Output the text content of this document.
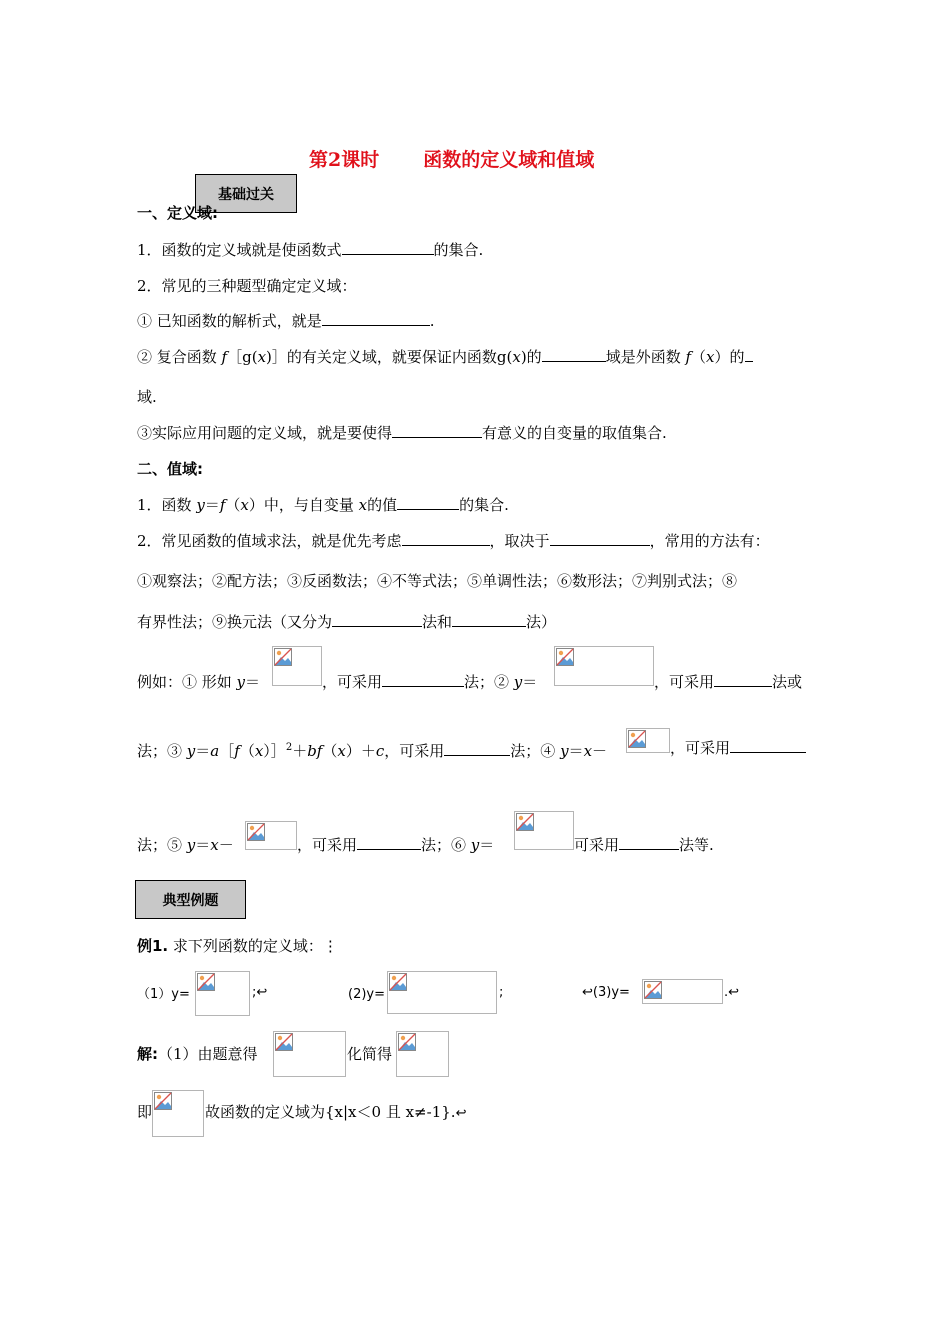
第2课时 函数的定义域和值域
基础过关
一、定义域:
1．函数的定义域就是使函数式	的集合.
2．常见的三种题型确定定义域：
① 已知函数的解析式，就是	.
② 复合函数 f［g(x)］的有关定义域，就要保证内函数g(x)的	域是外函数 f（x）的
域.
③实际应用问题的定义域，就是要使得	有意义的自变量的取值集合.
二、值域:
1．函数 y＝f（x）中，与自变量 x的值	的集合.
2．常见函数的值域求法，就是优先考虑	，取决于	，常用的方法有：
①观察法；②配方法；③反函数法；④不等式法；⑤单调性法；⑥数形法；⑦判别式法；⑧
有界性法；⑨换元法（又分为	法和	法）
例如：① 形如 y＝	，可采用	法；② y＝	，可采用	法或
法；③ y＝a［f（x）］$^2$＋bf（x）＋c，可采用	法；④ y＝x－	，可采用
法；⑤ y＝x－	，可采用	法；⑥ y＝	可采用	法等.
典型例题
例1. 求下列函数的定义域：⋮
（1）y=	;↩	(2)y=	;	↩(3)y=	.↩
解:（1）由题意得	化简得
即	故函数的定义域为{x|x＜0 且 x≠-1}.↩
